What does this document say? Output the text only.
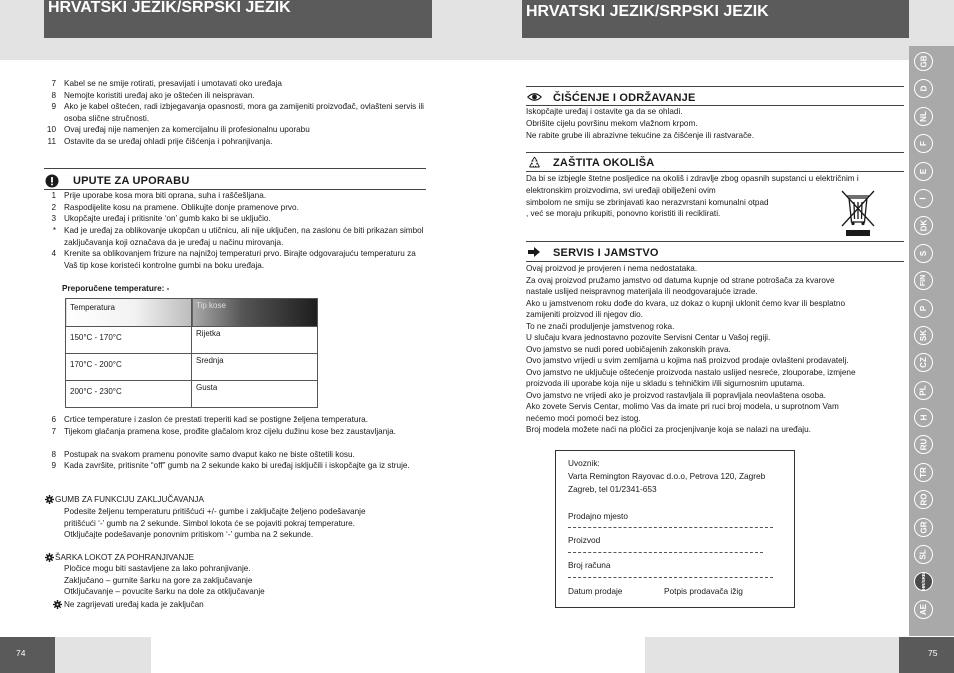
HRVATSKI JEZIK/SRPSKI JEZIK	HRVATSKI JEZIK/SRPSKI JEZIK
7 Kabel se ne smije rotirati, presavijati i umotavati oko uređaja
8 Nemojte koristiti uređaj ako je oštećen ili neispravan.
9 Ako je kabel oštećen, radi izbjegavanja opasnosti, mora ga zamijeniti proizvođač, ovlašteni servis ili osoba slične stručnosti.
10 Ovaj uređaj nije namenjen za komercijalnu ili profesionalnu uporabu
11 Ostavite da se uređaj ohladi prije čišćenja i pohranjivanja.
UPUTE ZA UPORABU
1 Prije uporabe kosa mora biti oprana, suha i raščešljana.
2 Raspodijelite kosu na pramene. Oblikujte donje pramenove prvo.
3 Ukopčajte uređaj i pritisnite ‘on’ gumb kako bi se uključio.
* Kad je uređaj za oblikovanje ukopčan u utičnicu, ali nije uključen, na zaslonu će biti prikazan simbol zaključavanja koji označava da je uređaj u načinu mirovanja.
4 Krenite sa oblikovanjem frizure na najnižoj temperaturi prvo. Birajte odgovarajuću temperaturu za Vaš tip kose koristeći kontrolne gumbi na boku uređaja.
Preporučene temperature: -
Temperatura	Tip kose
150°C - 170°C	Rijetka
170°C - 200°C	Srednja
200°C - 230°C	Gusta
6 Crtice temperature i zaslon će prestati treperiti kad se postigne željena temperatura.
7 Tijekom glačanja pramena kose, prođite glačalom kroz cijelu dužinu kose bez zaustavljanja.
8 Postupak na svakom pramenu ponovite samo dvaput kako ne biste oštetili kosu.
9 Kada završite, pritisnite “off” gumb na 2 sekunde kako bi uređaj isključili i iskopčajte ga iz struje.
GUMB ZA FUNKCIJU ZAKLJUČAVANJA
Podesite željenu temperaturu pritišćući +/- gumbe i zaključajte željeno podešavanje
pritišćući ‘-’ gumb na 2 sekunde. Simbol lokota će se pojaviti pokraj temperature.
Otključajte podešavanje ponovnim pritiskom ‘-’ gumba na 2 sekunde.
ŠARKA LOKOT ZA POHRANJIVANJE
Pločice mogu biti sastavljene za lako pohranjivanje.
Zaključano – gurnite šarku na gore za zaključavanje
Otključavanje – povucite šarku na dole za otključavanje
Ne zagrijevati uređaj kada je zaključan
ČIŠĆENJE I ODRŽAVANJE
Iskopčajte uređaj i ostavite ga da se ohladi.
Obrišite cijelu površinu mekom vlažnom krpom.
Ne rabite grube ili abrazivne tekućine za čišćenje ili rastvarače.
ZAŠTITA OKOLIŠA
Da bi se izbjegle štetne posljedice na okoliš i zdravlje zbog opasnih supstanci u električnim i
elektronskim proizvodima, svi uređaji obilježeni ovim
simbolom ne smiju se zbrinjavati kao nerazvrstani komunalni otpad
, već se moraju prikupiti, ponovno koristiti ili reciklirati.
SERVIS I JAMSTVO
Ovaj proizvod je provjeren i nema nedostataka.
Za ovaj proizvod pružamo jamstvo od datuma kupnje od strane potrošača za kvarove
nastale uslijed neispravnog materijala ili neodgovarajuće izrade.
Ako u jamstvenom roku dođe do kvara, uz dokaz o kupnji uklonit ćemo kvar ili besplatno
zamijeniti proizvod ili njegov dio.
To ne znači produljenje jamstvenog roka.
U slučaju kvara jednostavno pozovite Servisni Centar u Vašoj regiji.
Ovo jamstvo se nudi pored uobičajenih zakonskih prava.
Ovo jamstvo vrijedi u svim zemljama u kojima naš proizvod prodaje ovlašteni prodavatelj.
Ovo jamstvo ne uključuje oštećenje proizvoda nastalo uslijed nesreće, zlouporabe, izmjene
proizvoda ili uporabe koja nije u skladu s tehničkim i/ili sigurnosnim uputama.
Ovo jamstvo ne vrijedi ako je proizvod rastavljala ili popravljala neovlaštena osoba.
Ako zovete Servis Centar, molimo Vas da imate pri ruci broj modela, u suprotnom Vam
nećemo moći pomoći bez istog.
Broj modela možete naći na pločici za procjenjivanje koja se nalazi na uređaju.
Uvoznik:
Varta Remington Rayovac d.o.o, Petrova 120, Zagreb
Zagreb, tel 01/2341-653
Prodajno mjesto
Proizvod
Broj računa
Datum prodaje	Potpis prodavača ižig
GB
D
NL
F
E
I
DK
S
FIN
P
SK
CZ
PL
H
RU
TR
RO
GR
SL
HR/SRB
AE
74	75
